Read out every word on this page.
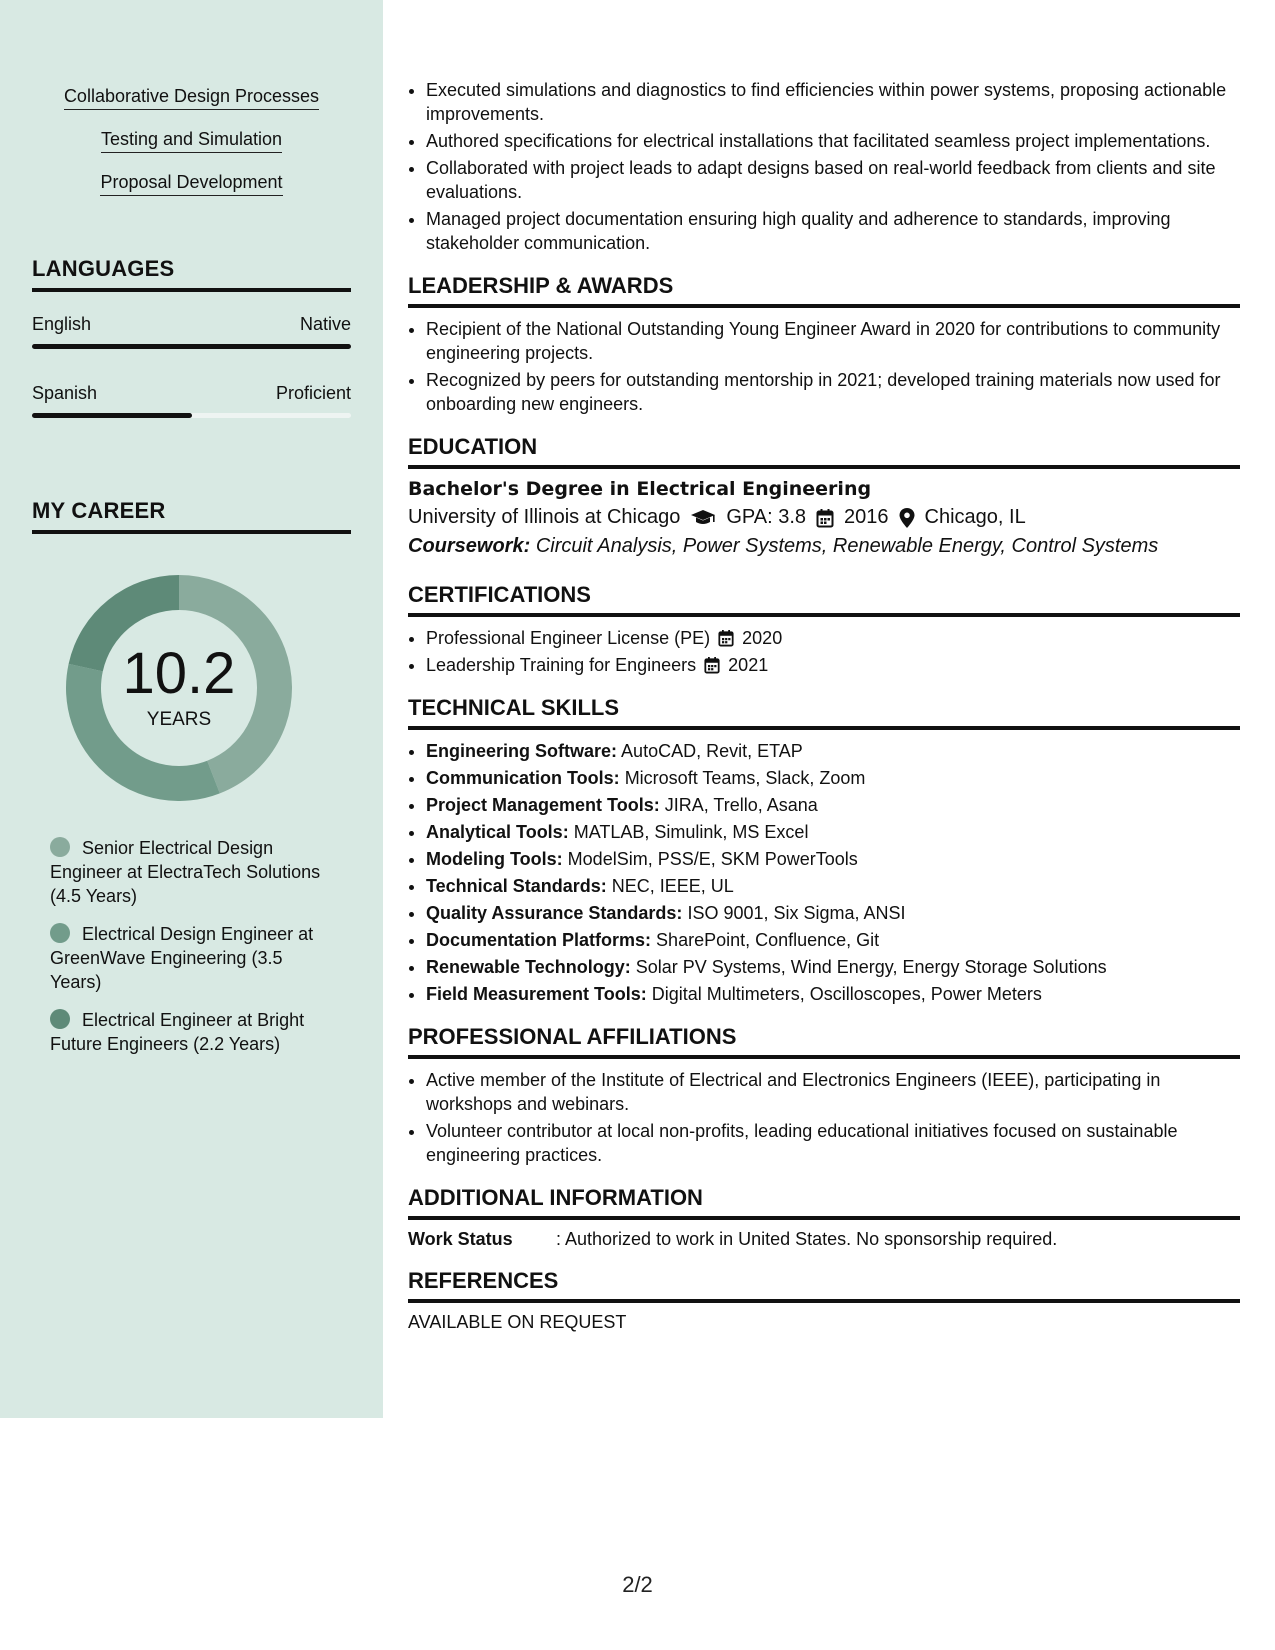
Collaborative Design Processes
Testing and Simulation
Proposal Development
LANGUAGES
English	Native
Spanish	Proficient
MY CAREER
10.2
YEARS
Senior Electrical Design Engineer at ElectraTech Solutions (4.5 Years)
Electrical Design Engineer at GreenWave Engineering (3.5 Years)
Electrical Engineer at Bright Future Engineers (2.2 Years)
• Executed simulations and diagnostics to find efficiencies within power systems, proposing actionable improvements.
• Authored specifications for electrical installations that facilitated seamless project implementations.
• Collaborated with project leads to adapt designs based on real-world feedback from clients and site evaluations.
• Managed project documentation ensuring high quality and adherence to standards, improving stakeholder communication.
LEADERSHIP & AWARDS
• Recipient of the National Outstanding Young Engineer Award in 2020 for contributions to community engineering projects.
• Recognized by peers for outstanding mentorship in 2021; developed training materials now used for onboarding new engineers.
EDUCATION
Bachelor's Degree in Electrical Engineering
University of Illinois at Chicago GPA: 3.8 2016 Chicago, IL
Coursework: Circuit Analysis, Power Systems, Renewable Energy, Control Systems
CERTIFICATIONS
• Professional Engineer License (PE) 2020
• Leadership Training for Engineers 2021
TECHNICAL SKILLS
• Engineering Software: AutoCAD, Revit, ETAP
• Communication Tools: Microsoft Teams, Slack, Zoom
• Project Management Tools: JIRA, Trello, Asana
• Analytical Tools: MATLAB, Simulink, MS Excel
• Modeling Tools: ModelSim, PSS/E, SKM PowerTools
• Technical Standards: NEC, IEEE, UL
• Quality Assurance Standards: ISO 9001, Six Sigma, ANSI
• Documentation Platforms: SharePoint, Confluence, Git
• Renewable Technology: Solar PV Systems, Wind Energy, Energy Storage Solutions
• Field Measurement Tools: Digital Multimeters, Oscilloscopes, Power Meters
PROFESSIONAL AFFILIATIONS
• Active member of the Institute of Electrical and Electronics Engineers (IEEE), participating in workshops and webinars.
• Volunteer contributor at local non-profits, leading educational initiatives focused on sustainable engineering practices.
ADDITIONAL INFORMATION
Work Status	: Authorized to work in United States. No sponsorship required.
REFERENCES
AVAILABLE ON REQUEST
2/2
